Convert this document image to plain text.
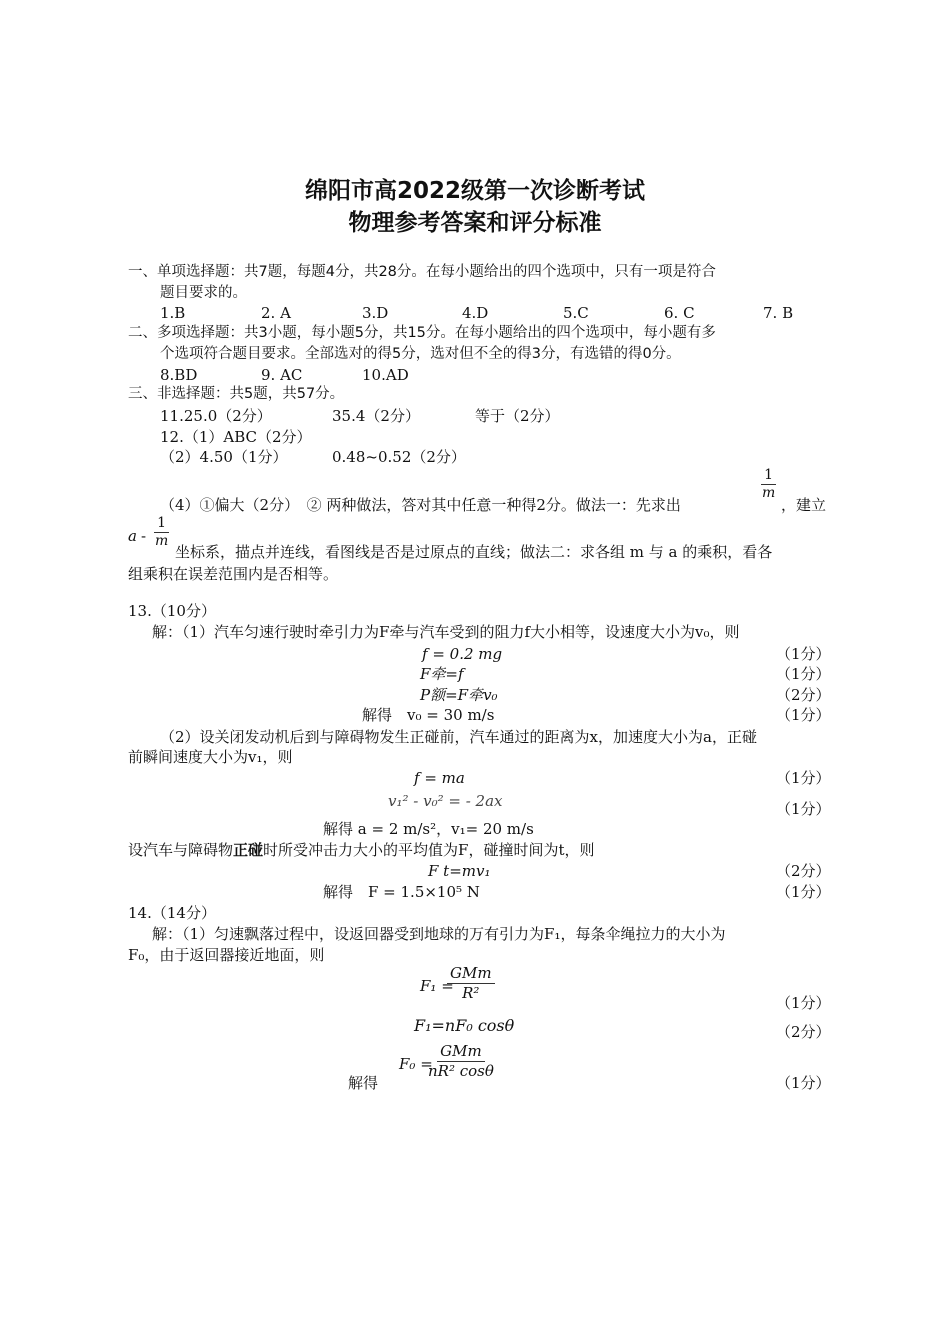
绵阳市高2022级第一次诊断考试
物理参考答案和评分标准
一、单项选择题：共7题，每题4分，共28分。在每小题给出的四个选项中，只有一项是符合
题目要求的。
1.B	2. A	3.D	4.D	5.C	6. C	7. B
二、多项选择题：共3小题，每小题5分，共15分。在每小题给出的四个选项中，每小题有多
个选项符合题目要求。全部选对的得5分，选对但不全的得3分，有选错的得0分。
8.BD	9. AC	10.AD
三、非选择题：共5题，共57分。
11.25.0（2分）	35.4（2分）	等于（2分）
12.（1）ABC（2分）
（2）4.50（1分）	0.48~0.52（2分）
$\frac{1}{m}$
（4）①偏大（2分）　② 两种做法，答对其中任意一种得2分。做法一：先求出	，建立
a - $\frac{1}{m}$
坐标系，描点并连线，看图线是否是过原点的直线；做法二：求各组 m 与 a 的乘积，看各
组乘积在误差范围内是否相等。
13.（10分）
解：（1）汽车匀速行驶时牵引力为F牵与汽车受到的阻力f大小相等，设速度大小为v₀，则
f = 0.2 mg	（1分）
F牵=f	（1分）
P额=F牵v₀	（2分）
解得　v₀ = 30 m/s	（1分）
（2）设关闭发动机后到与障碍物发生正碰前，汽车通过的距离为x，加速度大小为a，正碰
前瞬间速度大小为v₁，则
f = ma	（1分）
v₁² - v₀² = - 2ax	（1分）
解得 a = 2 m/s²，v₁= 20 m/s
设汽车与障碍物正碰时所受冲击力大小的平均值为F，碰撞时间为t，则
F t=mv₁	（2分）
解得　F = 1.5×10⁵ N	（1分）
14.（14分）
解：（1）匀速飘落过程中，设返回器受到地球的万有引力为F₁，每条伞绳拉力的大小为
F₀，由于返回器接近地面，则
F₁ =
GMm
R²
（1分）
F₁=nF₀ cosθ	（2分）
解得
F₀ =
GMm
nR² cosθ
（1分）
